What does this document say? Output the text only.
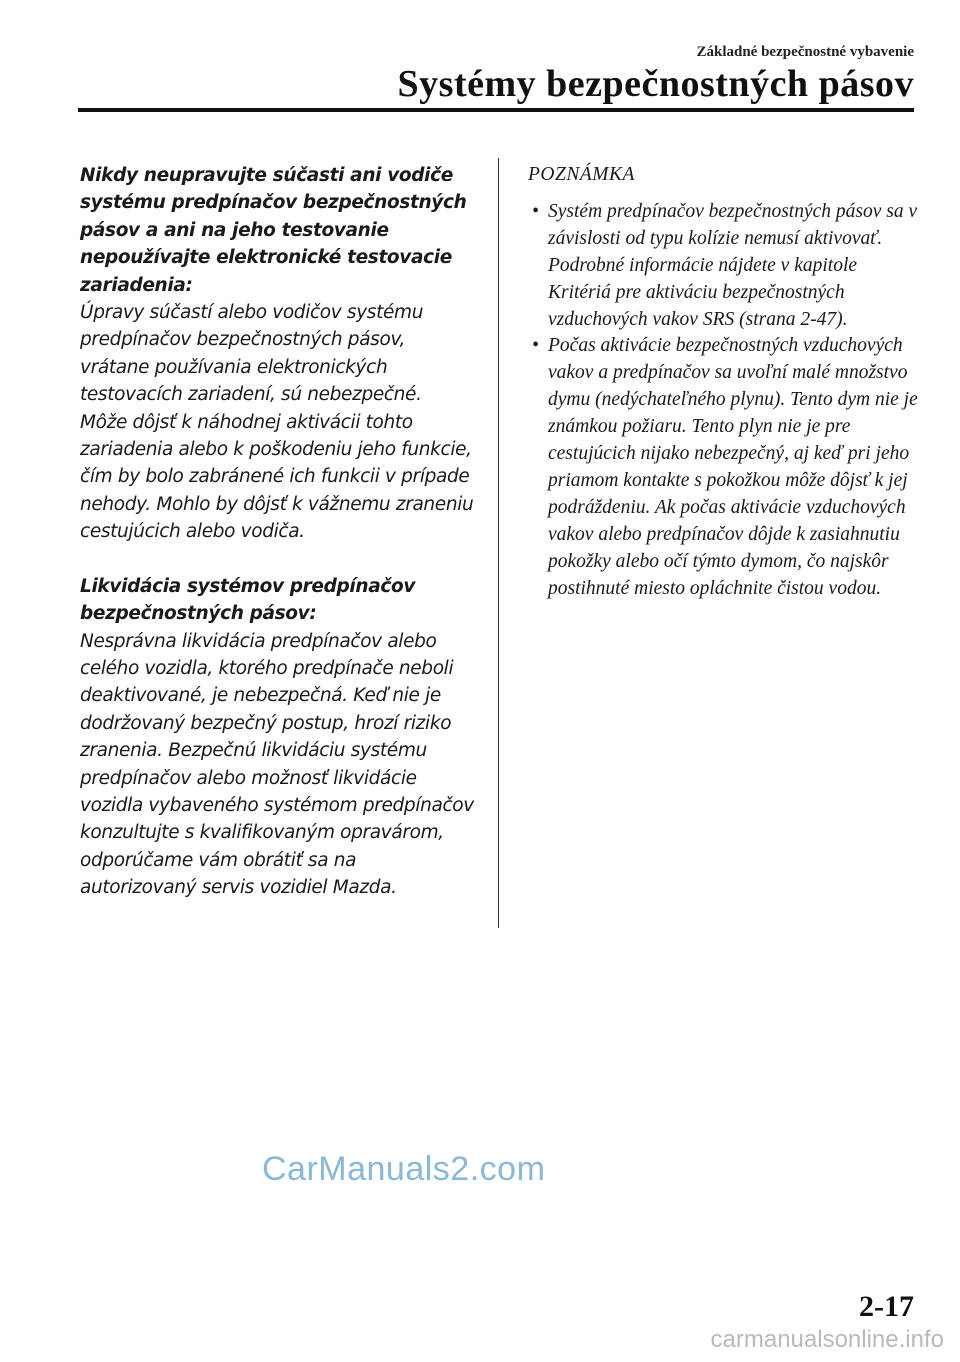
Základné bezpečnostné vybavenie
Systémy bezpečnostných pásov

Nikdy neupravujte súčasti ani vodiče systému predpínačov bezpečnostných pásov a ani na jeho testovanie nepoužívajte elektronické testovacie zariadenia:

Úpravy súčastí alebo vodičov systému predpínačov bezpečnostných pásov, vrátane používania elektronických testovacích zariadení, sú nebezpečné. Môže dôjsť k náhodnej aktivácii tohto zariadenia alebo k poškodeniu jeho funkcie, čím by bolo zabránené ich funkcii v prípade nehody. Mohlo by dôjsť k vážnemu zraneniu cestujúcich alebo vodiča.

Likvidácia systémov predpínačov bezpečnostných pásov:

Nesprávna likvidácia predpínačov alebo celého vozidla, ktorého predpínače neboli deaktivované, je nebezpečná. Keď nie je dodržovaný bezpečný postup, hrozí riziko zranenia. Bezpečnú likvidáciu systému predpínačov alebo možnosť likvidácie vozidla vybaveného systémom predpínačov konzultujte s kvalifikovaným opravárom, odporúčame vám obrátiť sa na autorizovaný servis vozidiel Mazda.

POZNÁMKA

• Systém predpínačov bezpečnostných pásov sa v závislosti od typu kolízie nemusí aktivovať. Podrobné informácie nájdete v kapitole Kritériá pre aktiváciu bezpečnostných vzduchových vakov SRS (strana 2-47).
• Počas aktivácie bezpečnostných vzduchových vakov a predpínačov sa uvoľní malé množstvo dymu (nedýchateľného plynu). Tento dym nie je známkou požiaru. Tento plyn nie je pre cestujúcich nijako nebezpečný, aj keď pri jeho priamom kontakte s pokožkou môže dôjsť k jej podráždeniu. Ak počas aktivácie vzduchových vakov alebo predpínačov dôjde k zasiahnutiu pokožky alebo očí týmto dymom, čo najskôr postihnuté miesto opláchnite čistou vodou.
CarManuals2.com
2-17
carmanualsonline.info
